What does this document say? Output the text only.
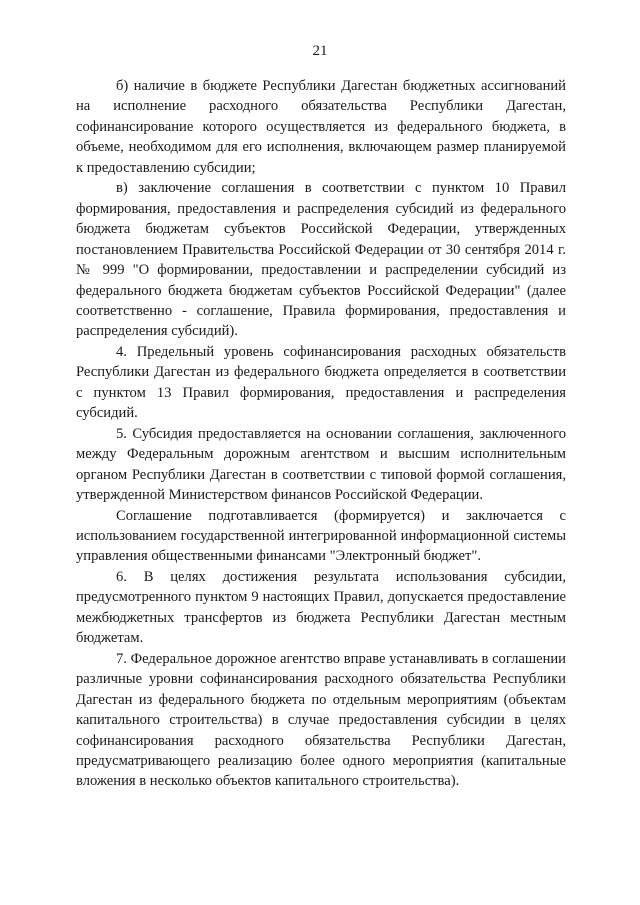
21

б) наличие в бюджете Республики Дагестан бюджетных ассигнований на исполнение расходного обязательства Республики Дагестан, софинансирование которого осуществляется из федерального бюджета, в объеме, необходимом для его исполнения, включающем размер планируемой к предоставлению субсидии;

в) заключение соглашения в соответствии с пунктом 10 Правил формирования, предоставления и распределения субсидий из федерального бюджета бюджетам субъектов Российской Федерации, утвержденных постановлением Правительства Российской Федерации от 30 сентября 2014 г. № 999 "О формировании, предоставлении и распределении субсидий из федерального бюджета бюджетам субъектов Российской Федерации" (далее соответственно - соглашение, Правила формирования, предоставления и распределения субсидий).

4. Предельный уровень софинансирования расходных обязательств Республики Дагестан из федерального бюджета определяется в соответствии с пунктом 13 Правил формирования, предоставления и распределения субсидий.

5. Субсидия предоставляется на основании соглашения, заключенного между Федеральным дорожным агентством и высшим исполнительным органом Республики Дагестан в соответствии с типовой формой соглашения, утвержденной Министерством финансов Российской Федерации.

Соглашение подготавливается (формируется) и заключается с использованием государственной интегрированной информационной системы управления общественными финансами "Электронный бюджет".

6. В целях достижения результата использования субсидии, предусмотренного пунктом 9 настоящих Правил, допускается предоставление межбюджетных трансфертов из бюджета Республики Дагестан местным бюджетам.

7. Федеральное дорожное агентство вправе устанавливать в соглашении различные уровни софинансирования расходного обязательства Республики Дагестан из федерального бюджета по отдельным мероприятиям (объектам капитального строительства) в случае предоставления субсидии в целях софинансирования расходного обязательства Республики Дагестан, предусматривающего реализацию более одного мероприятия (капитальные вложения в несколько объектов капитального строительства).
